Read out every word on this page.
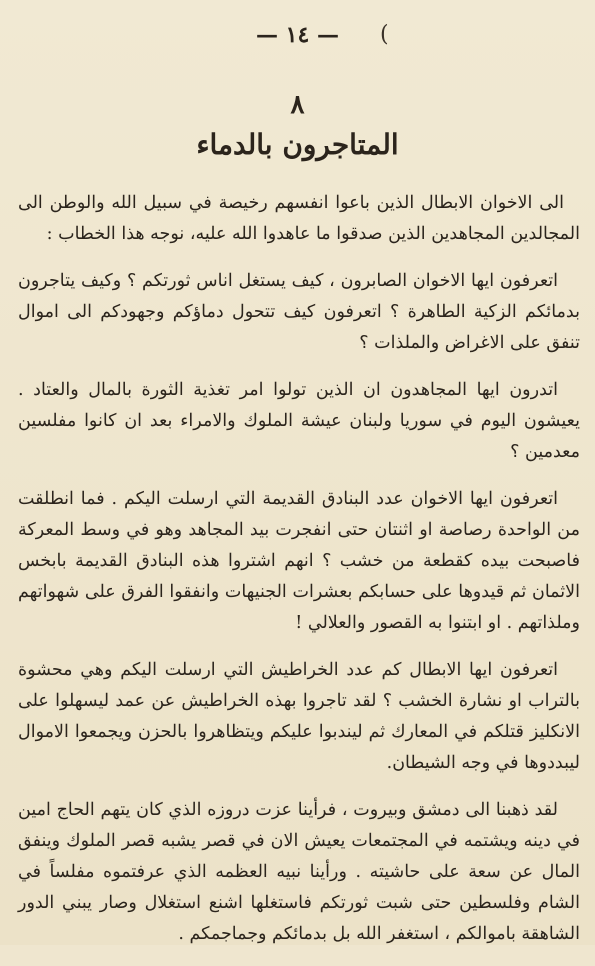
(
— ١٤ —
٨
المتاجرون بالدماء

الى الاخوان الابطال الذين باعوا انفسهم رخيصة في سبيل الله والوطن الى المجالدين المجاهدين الذين صدقوا ما عاهدوا الله عليه، نوجه هذا الخطاب :

اتعرفون ايها الاخوان الصابرون ، كيف يستغل اناس ثورتكم ؟ وكيف يتاجرون بدمائكم الزكية الطاهرة ؟ اتعرفون كيف تتحول دماؤكم وجهودكم الى اموال تنفق على الاغراض والملذات ؟

اتدرون ايها المجاهدون ان الذين تولوا امر تغذية الثورة بالمال والعتاد . يعيشون اليوم في سوريا ولبنان عيشة الملوك والامراء بعد ان كانوا مفلسين معدمين ؟

اتعرفون ايها الاخوان عدد البنادق القديمة التي ارسلت اليكم . فما انطلقت من الواحدة رصاصة او اثنتان حتى انفجرت بيد المجاهد وهو في وسط المعركة فاصبحت بيده كقطعة من خشب ؟ انهم اشتروا هذه البنادق القديمة بابخس الاثمان ثم قيدوها على حسابكم بعشرات الجنيهات وانفقوا الفرق على شهواتهم وملذاتهم . او ابتنوا به القصور والعلالي !

اتعرفون ايها الابطال كم عدد الخراطيش التي ارسلت اليكم وهي محشوة بالتراب او نشارة الخشب ؟ لقد تاجروا بهذه الخراطيش عن عمد ليسهلوا على الانكليز قتلكم في المعارك ثم ليندبوا عليكم ويتظاهروا بالحزن ويجمعوا الاموال ليبددوها في وجه الشيطان.

لقد ذهبنا الى دمشق وبيروت ، فرأينا عزت دروزه الذي كان يتهم الحاج امين في دينه ويشتمه في المجتمعات يعيش الان في قصر يشبه قصر الملوك وينفق المال عن سعة على حاشيته . ورأينا نبيه العظمه الذي عرفتموه مفلساً في الشام وفلسطين حتى شبت ثورتكم فاستغلها اشنع استغلال وصار يبني الدور الشاهقة باموالكم ، استغفر الله بل بدمائكم وجماجمكم .
